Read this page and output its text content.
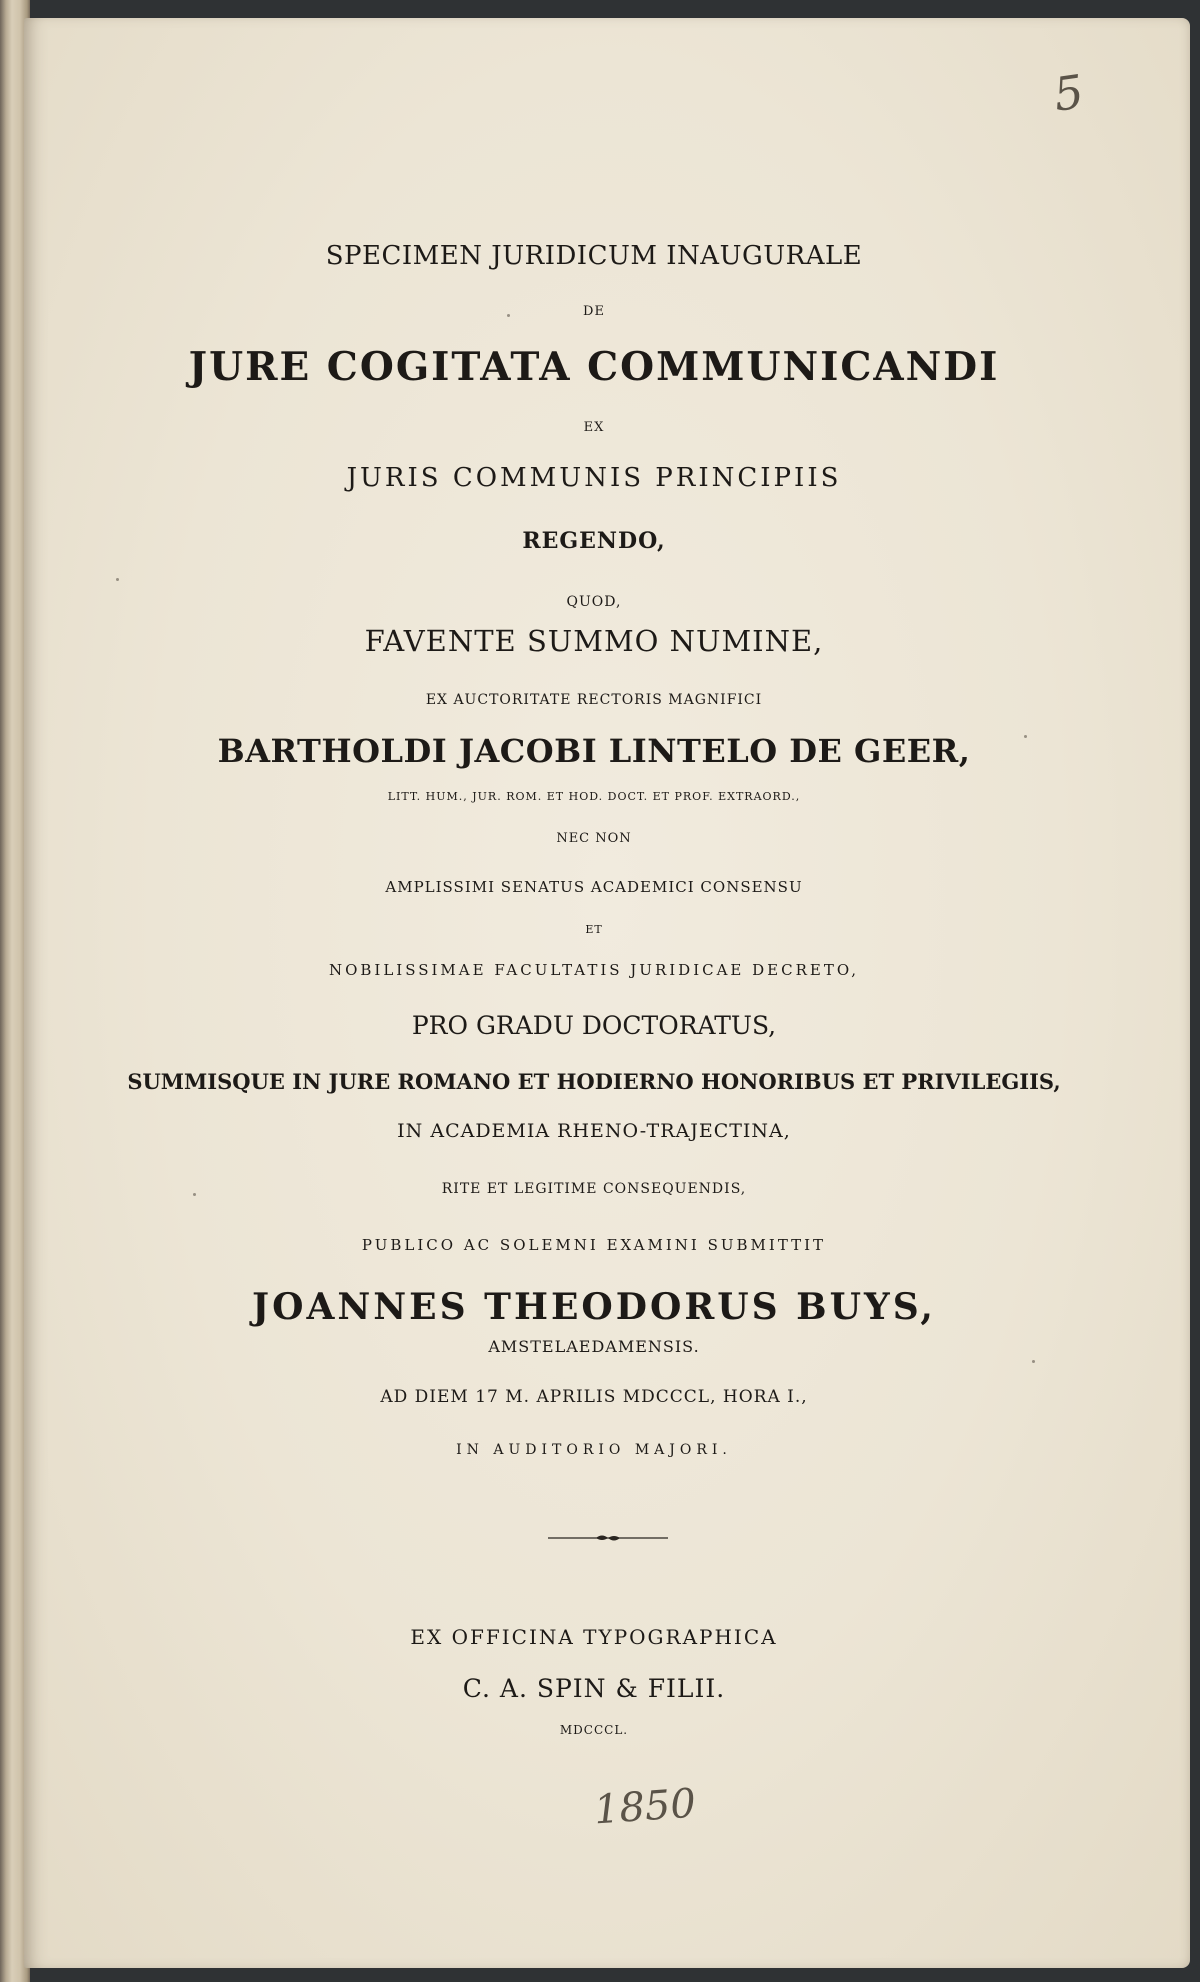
SPECIMEN JURIDICUM INAUGURALE
DE
JURE COGITATA COMMUNICANDI
EX
JURIS COMMUNIS PRINCIPIIS
REGENDO,
QUOD,
FAVENTE SUMMO NUMINE,
EX AUCTORITATE RECTORIS MAGNIFICI
BARTHOLDI JACOBI LINTELO DE GEER,
LITT. HUM., JUR. ROM. ET HOD. DOCT. ET PROF. EXTRAORD.,
NEC NON
AMPLISSIMI SENATUS ACADEMICI CONSENSU
ET
NOBILISSIMAE FACULTATIS JURIDICAE DECRETO,
PRO GRADU DOCTORATUS,
SUMMISQUE IN JURE ROMANO ET HODIERNO HONORIBUS ET PRIVILEGIIS,
IN ACADEMIA RHENO-TRAJECTINA,
RITE ET LEGITIME CONSEQUENDIS,
PUBLICO AC SOLEMNI EXAMINI SUBMITTIT
JOANNES THEODORUS BUYS,
AMSTELAEDAMENSIS.
AD DIEM 17 M. APRILIS MDCCCL, HORA I.,
IN AUDITORIO MAJORI.
EX OFFICINA TYPOGRAPHICA
C. A. SPIN & FILII.
MDCCCL.
5
1850
